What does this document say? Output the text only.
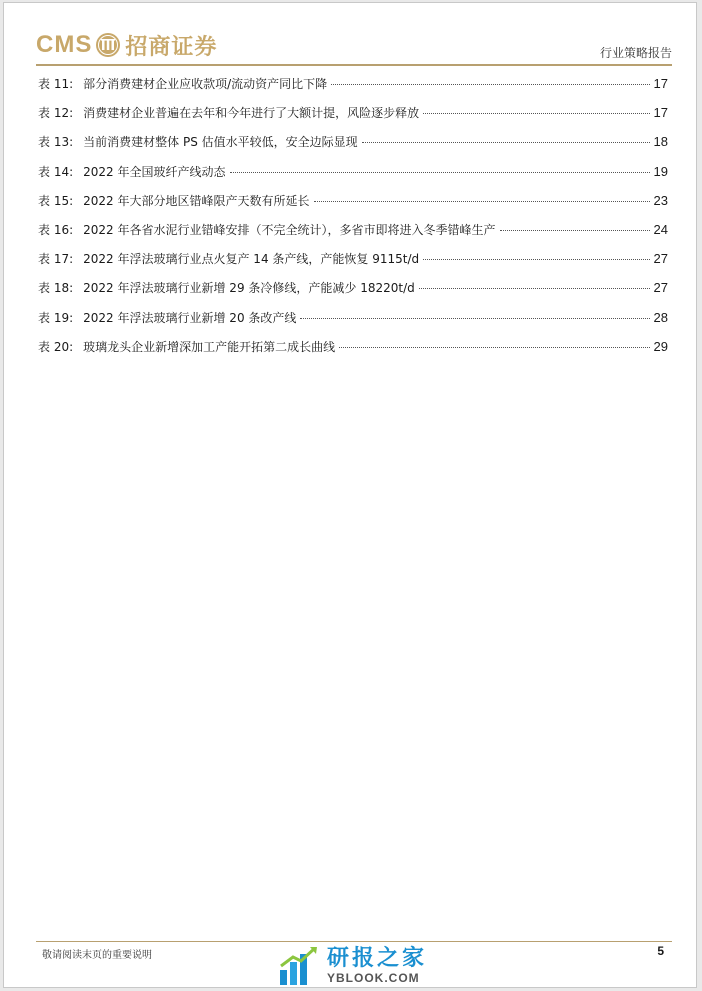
CMS 招商证券	行业策略报告
表 11: 部分消费建材企业应收款项/流动资产同比下降	17
表 12: 消费建材企业普遍在去年和今年进行了大额计提，风险逐步释放	17
表 13: 当前消费建材整体 PS 估值水平较低，安全边际显现	18
表 14: 2022 年全国玻纤产线动态	19
表 15: 2022 年大部分地区错峰限产天数有所延长	23
表 16: 2022 年各省水泥行业错峰安排（不完全统计），多省市即将进入冬季错峰生产	24
表 17: 2022 年浮法玻璃行业点火复产 14 条产线，产能恢复 9115t/d	27
表 18: 2022 年浮法玻璃行业新增 29 条冷修线，产能减少 18220t/d	27
表 19: 2022 年浮法玻璃行业新增 20 条改产线	28
表 20: 玻璃龙头企业新增深加工产能开拓第二成长曲线	29
敬请阅读末页的重要说明	研报之家
YBLOOK.COM
5
